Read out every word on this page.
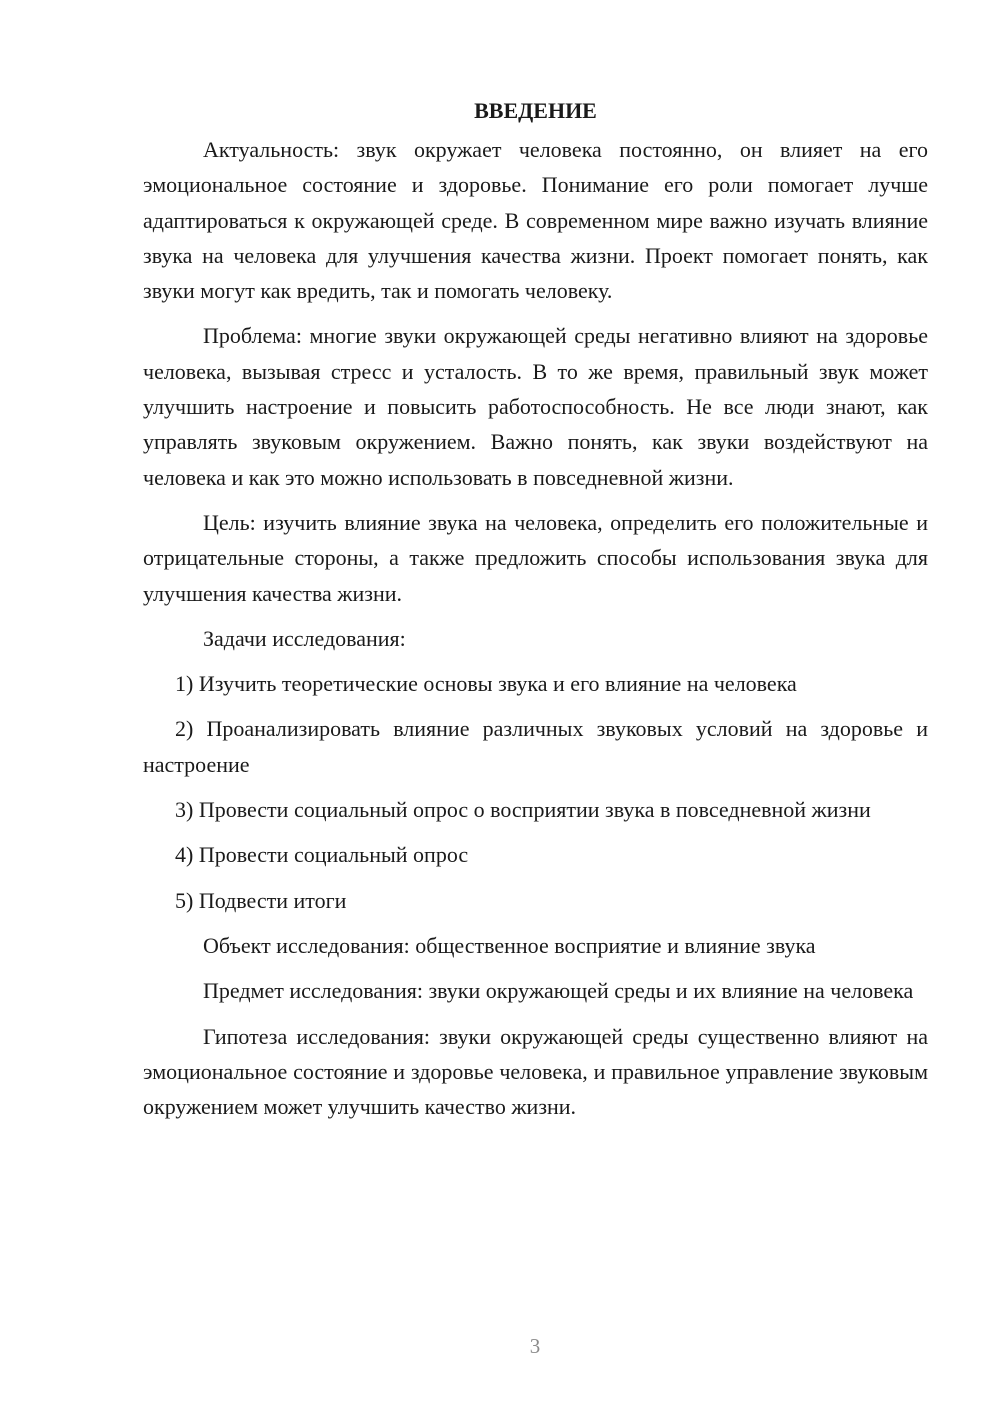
ВВЕДЕНИЕ

Актуальность: звук окружает человека постоянно, он влияет на его эмоциональное состояние и здоровье. Понимание его роли помогает лучше адаптироваться к окружающей среде. В современном мире важно изучать влияние звука на человека для улучшения качества жизни. Проект помогает понять, как звуки могут как вредить, так и помогать человеку.

Проблема: многие звуки окружающей среды негативно влияют на здоровье человека, вызывая стресс и усталость. В то же время, правильный звук может улучшить настроение и повысить работоспособность. Не все люди знают, как управлять звуковым окружением. Важно понять, как звуки воздействуют на человека и как это можно использовать в повседневной жизни.

Цель: изучить влияние звука на человека, определить его положительные и отрицательные стороны, а также предложить способы использования звука для улучшения качества жизни.

Задачи исследования:

1) Изучить теоретические основы звука и его влияние на человека

2) Проанализировать влияние различных звуковых условий на здоровье и настроение

3) Провести социальный опрос о восприятии звука в повседневной жизни

4) Провести социальный опрос

5) Подвести итоги

Объект исследования: общественное восприятие и влияние звука

Предмет исследования: звуки окружающей среды и их влияние на человека

Гипотеза исследования: звуки окружающей среды существенно влияют на эмоциональное состояние и здоровье человека, и правильное управление звуковым окружением может улучшить качество жизни.

3
